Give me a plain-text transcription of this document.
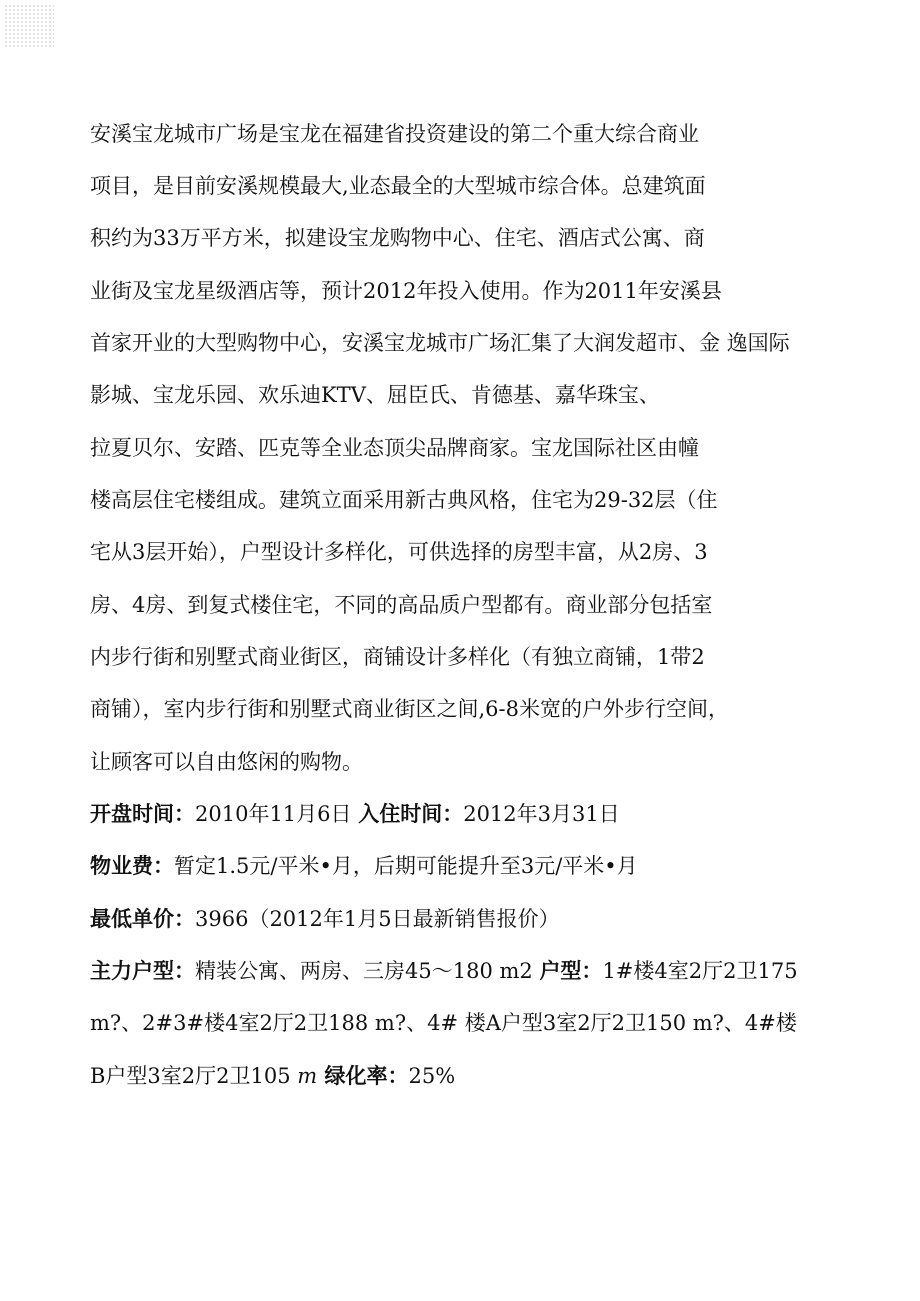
安溪宝龙城市广场是宝龙在福建省投资建设的第二个重大综合商业
项目，是目前安溪规模最大,业态最全的大型城市综合体。总建筑面
积约为33万平方米，拟建设宝龙购物中心、住宅、酒店式公寓、商
业街及宝龙星级酒店等，预计2012年投入使用。作为2011年安溪县
首家开业的大型购物中心，安溪宝龙城市广场汇集了大润发超市、金 逸国际
影城、宝龙乐园、欢乐迪KTV、屈臣氏、肯德基、嘉华珠宝、
拉夏贝尔、安踏、匹克等全业态顶尖品牌商家。宝龙国际社区由幢
楼高层住宅楼组成。建筑立面采用新古典风格，住宅为29-32层（住
宅从3层开始），户型设计多样化，可供选择的房型丰富，从2房、3
房、4房、到复式楼住宅，不同的高品质户型都有。商业部分包括室
内步行街和别墅式商业街区，商铺设计多样化（有独立商铺，1带2
商铺），室内步行街和别墅式商业街区之间,6-8米宽的户外步行空间，
让顾客可以自由悠闲的购物。
开盘时间：2010年11月6日 入住时间：2012年3月31日
物业费：暂定1.5元/平米•月，后期可能提升至3元/平米•月
最低单价：3966（2012年1月5日最新销售报价）
主力户型：精装公寓、两房、三房45～180 m2 户型：1#楼4室2厅2卫175
m?、2#3#楼4室2厅2卫188 m?、4# 楼A户型3室2厅2卫150 m?、4#楼
B户型3室2厅2卫105 m 绿化率：25%
